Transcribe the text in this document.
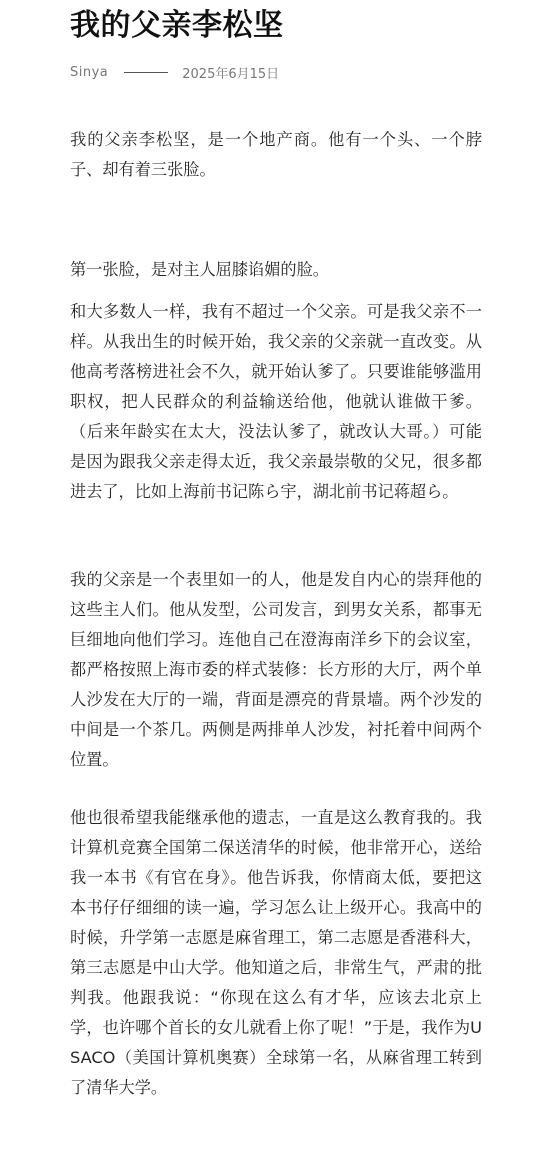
我的父亲李松坚
Sinya	2025年6月15日

我的父亲李松坚，是一个地产商。他有一个头、一个脖子、却有着三张脸。

第一张脸，是对主人屈膝谄媚的脸。

和大多数人一样，我有不超过一个父亲。可是我父亲不一样。从我出生的时候开始，我父亲的父亲就一直改变。从他高考落榜进社会不久，就开始认爹了。只要谁能够滥用职权，把人民群众的利益输送给他，他就认谁做干爹。（后来年龄实在太大，没法认爹了，就改认大哥。）可能是因为跟我父亲走得太近，我父亲最崇敬的父兄，很多都进去了，比如上海前书记陈ら宇，湖北前书记蒋超ら。

我的父亲是一个表里如一的人，他是发自内心的崇拜他的这些主人们。他从发型，公司发言，到男女关系，都事无巨细地向他们学习。连他自己在澄海南洋乡下的会议室，都严格按照上海市委的样式装修：长方形的大厅，两个单人沙发在大厅的一端，背面是漂亮的背景墙。两个沙发的中间是一个茶几。两侧是两排单人沙发，衬托着中间两个位置。

他也很希望我能继承他的遗志，一直是这么教育我的。我计算机竞赛全国第二保送清华的时候，他非常开心，送给我一本书《有官在身》。他告诉我，你情商太低，要把这本书仔仔细细的读一遍，学习怎么让上级开心。我高中的时候，升学第一志愿是麻省理工，第二志愿是香港科大，第三志愿是中山大学。他知道之后，非常生气，严肃的批判我。他跟我说：“你现在这么有才华，应该去北京上学，也许哪个首长的女儿就看上你了呢！”于是，我作为USACO（美国计算机奥赛）全球第一名，从麻省理工转到了清华大学。
